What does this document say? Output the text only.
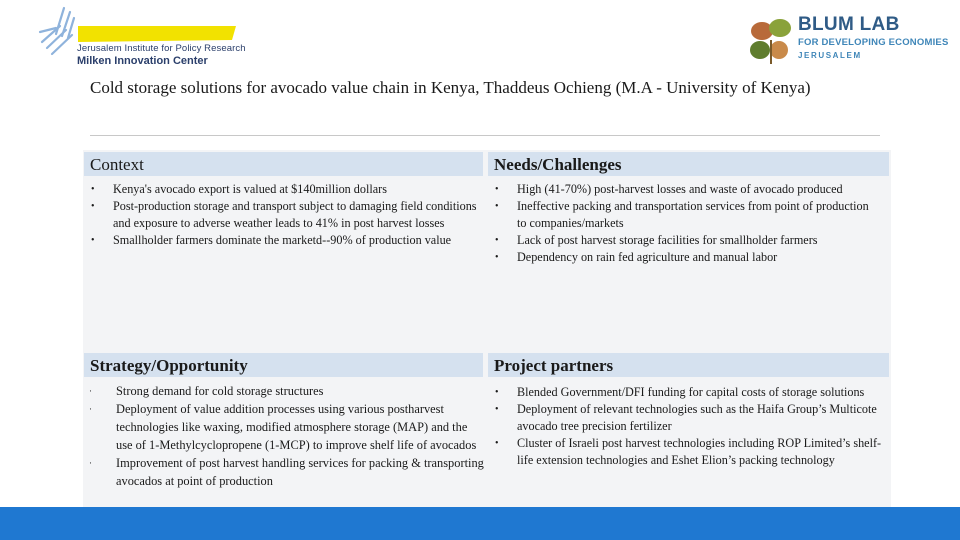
Jerusalem Institute for Policy Research
Milken Innovation Center
BLUM LAB
FOR DEVELOPING ECONOMIES
JERUSALEM
Cold storage solutions for avocado value chain in Kenya, Thaddeus Ochieng (M.A - University of Kenya)
Context	Needs/Challenges
Strategy/Opportunity	Project partners
• Kenya's avocado export is valued at $140million dollars
• Post-production storage and transport subject to damaging field conditions and exposure to adverse weather leads to 41% in post harvest losses
• Smallholder farmers dominate the marketd--90% of production value
• High (41-70%) post-harvest losses and waste of avocado produced
• Ineffective packing and transportation services from point of production to companies/markets
• Lack of post harvest storage facilities for smallholder farmers
• Dependency on rain fed agriculture and manual labor
· Strong demand for cold storage structures
· Deployment of value addition processes using various postharvest technologies like waxing, modified atmosphere storage (MAP) and the use of 1-Methylcyclopropene (1-MCP) to improve shelf life of avocados
· Improvement of post harvest handling services for packing & transporting avocados at point of production
• Blended Government/DFI funding for capital costs of storage solutions
• Deployment of relevant technologies such as the Haifa Group’s Multicote avocado tree precision fertilizer
• Cluster of Israeli post harvest technologies including ROP Limited’s shelf- life extension technologies and Eshet Elion’s packing technology
